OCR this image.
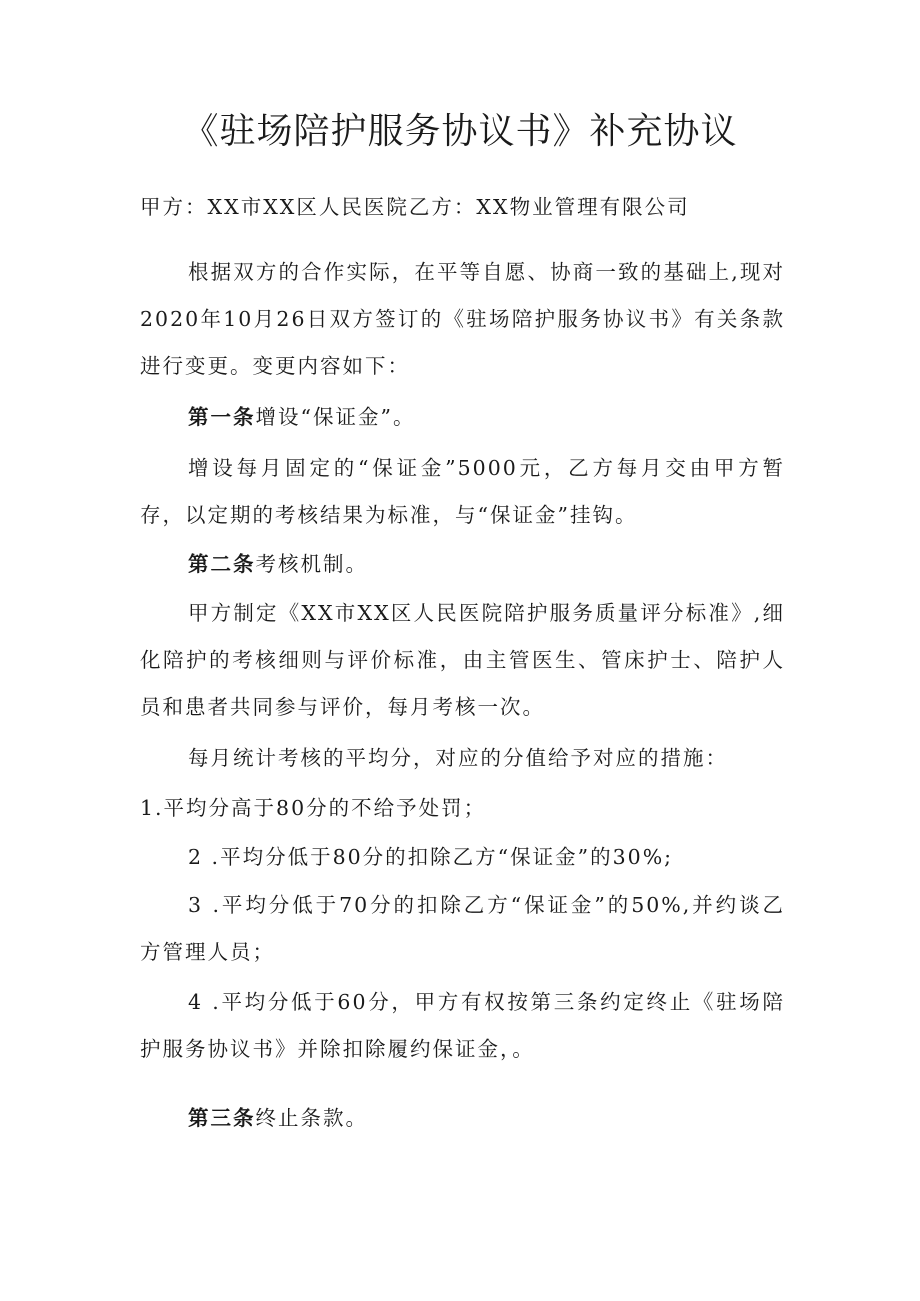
《驻场陪护服务协议书》补充协议

甲方：XX市XX区人民医院乙方：XX物业管理有限公司

根据双方的合作实际，在平等自愿、协商一致的基础上,现对2020年10月26日双方签订的《驻场陪护服务协议书》有关条款进行变更。变更内容如下：

第一条增设“保证金”。

增设每月固定的“保证金”5000元，乙方每月交由甲方暂存，以定期的考核结果为标准，与“保证金”挂钩。

第二条考核机制。

甲方制定《XX市XX区人民医院陪护服务质量评分标准》,细化陪护的考核细则与评价标准，由主管医生、管床护士、陪护人员和患者共同参与评价，每月考核一次。

每月统计考核的平均分，对应的分值给予对应的措施：

1.平均分高于80分的不给予处罚；

2 .平均分低于80分的扣除乙方“保证金”的30%;

3 .平均分低于70分的扣除乙方“保证金”的50%,并约谈乙方管理人员；

4 .平均分低于60分，甲方有权按第三条约定终止《驻场陪护服务协议书》并除扣除履约保证金，。

第三条终止条款。
